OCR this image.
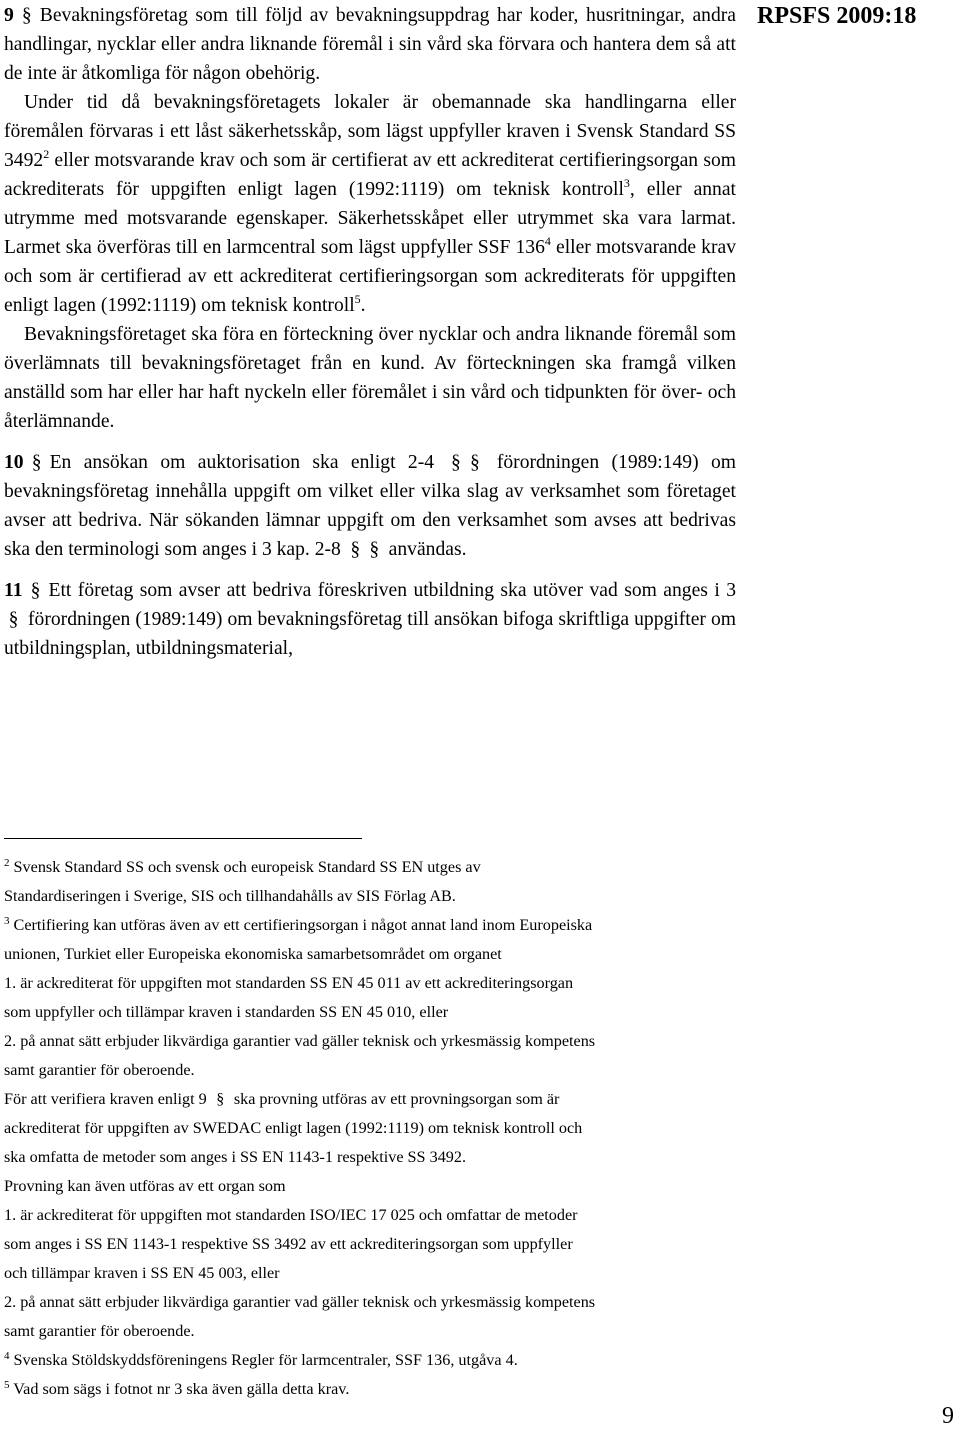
RPSFS 2009:18

9 § Bevakningsföretag som till följd av bevakningsuppdrag har koder, husritningar, andra handlingar, nycklar eller andra liknande föremål i sin vård ska förvara och hantera dem så att de inte är åtkomliga för någon obehörig.

Under tid då bevakningsföretagets lokaler är obemannade ska handlingarna eller föremålen förvaras i ett låst säkerhetsskåp, som lägst uppfyller kraven i Svensk Standard SS 3492$^2$ eller motsvarande krav och som är certifierat av ett ackrediterat certifieringsorgan som ackrediterats för uppgiften enligt lagen (1992:1119) om teknisk kontroll$^3$, eller annat utrymme med motsvarande egenskaper. Säkerhetsskåpet eller utrymmet ska vara larmat. Larmet ska överföras till en larmcentral som lägst uppfyller SSF $136^4$ eller motsvarande krav och som är certifierad av ett ackrediterat certifieringsorgan som ackrediterats för uppgiften enligt lagen (1992:1119) om teknisk kontroll$^5$.

Bevakningsföretaget ska föra en förteckning över nycklar och andra liknande föremål som överlämnats till bevakningsföretaget från en kund. Av förteckningen ska framgå vilken anställd som har eller har haft nyckeln eller föremålet i sin vård och tidpunkten för över- och återlämnande.

10 § En ansökan om auktorisation ska enligt 2-4 § § förordningen (1989:149) om bevakningsföretag innehålla uppgift om vilket eller vilka slag av verksamhet som företaget avser att bedriva. När sökanden lämnar uppgift om den verksamhet som avses att bedrivas ska den terminologi som anges i 3 kap. 2-8 § § användas.

11 § Ett företag som avser att bedriva föreskriven utbildning ska utöver vad som anges i 3 § förordningen (1989:149) om bevakningsföretag till ansökan bifoga skriftliga uppgifter om utbildningsplan, utbildningsmaterial,

$^2$ Svensk Standard SS och svensk och europeisk Standard SS EN utges av

Standardiseringen i Sverige, SIS och tillhandahålls av SIS Förlag AB.

$^3$ Certifiering kan utföras även av ett certifieringsorgan i något annat land inom Europeiska

unionen, Turkiet eller Europeiska ekonomiska samarbetsområdet om organet

1. är ackrediterat för uppgiften mot standarden SS EN 45 011 av ett ackrediteringsorgan

som uppfyller och tillämpar kraven i standarden SS EN 45 010, eller

2. på annat sätt erbjuder likvärdiga garantier vad gäller teknisk och yrkesmässig kompetens

samt garantier för oberoende.

För att verifiera kraven enligt 9 § ska provning utföras av ett provningsorgan som är

ackrediterat för uppgiften av SWEDAC enligt lagen (1992:1119) om teknisk kontroll och

ska omfatta de metoder som anges i SS EN 1143-1 respektive SS 3492.

Provning kan även utföras av ett organ som

1. är ackrediterat för uppgiften mot standarden ISO/IEC 17 025 och omfattar de metoder

som anges i SS EN 1143-1 respektive SS 3492 av ett ackrediteringsorgan som uppfyller

och tillämpar kraven i SS EN 45 003, eller

2. på annat sätt erbjuder likvärdiga garantier vad gäller teknisk och yrkesmässig kompetens

samt garantier för oberoende.

$^4$ Svenska Stöldskyddsföreningens Regler för larmcentraler, SSF 136, utgåva 4.

$^5$ Vad som sägs i fotnot nr 3 ska även gälla detta krav.

9
